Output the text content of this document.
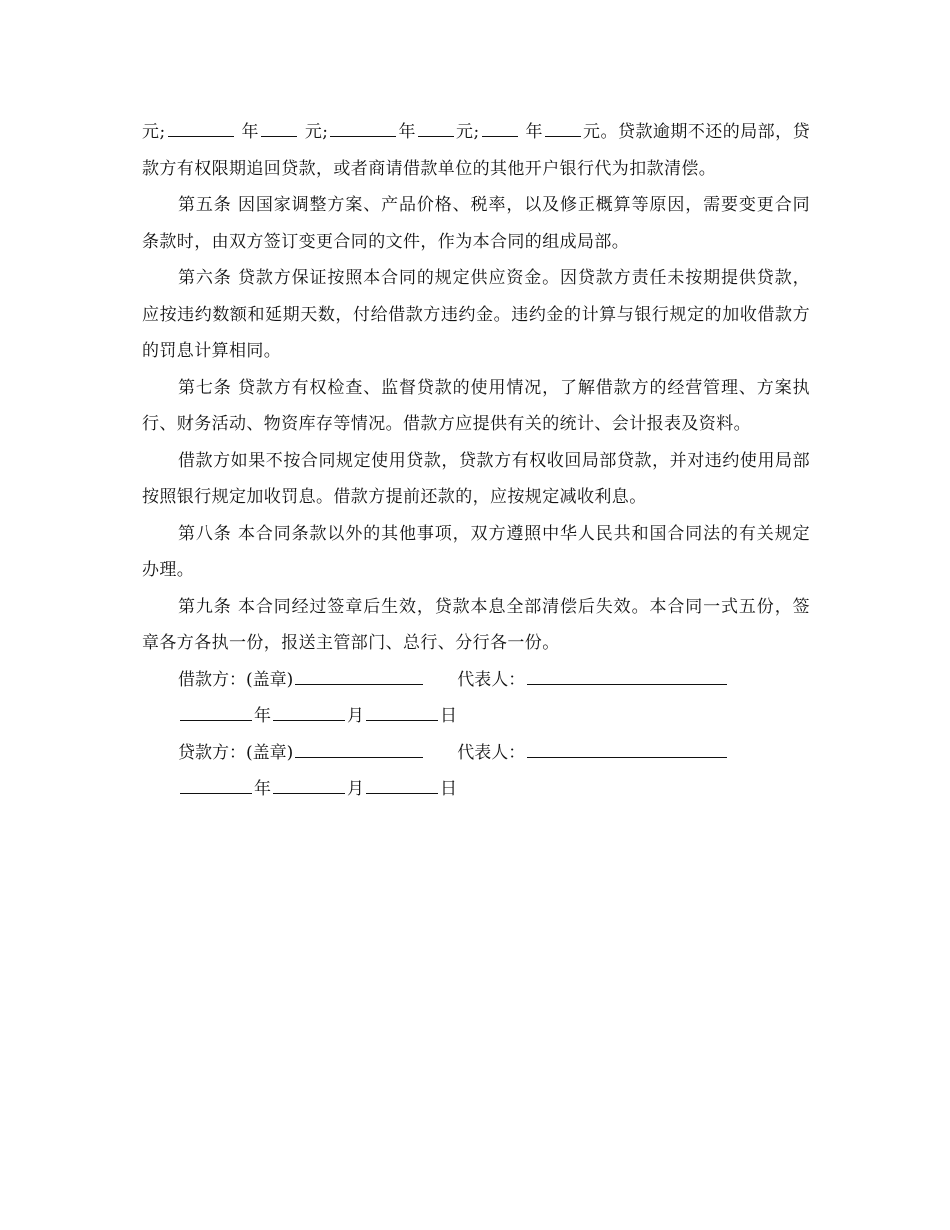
元;	年	元;	年 元;	年 元。贷款逾期不还的局部，贷款方有权限期追回贷款，或者商请借款单位的其他开户银行代为扣款清偿。

第五条 因国家调整方案、产品价格、税率，以及修正概算等原因，需要变更合同条款时，由双方签订变更合同的文件，作为本合同的组成局部。

第六条 贷款方保证按照本合同的规定供应资金。因贷款方责任未按期提供贷款，应按违约数额和延期天数，付给借款方违约金。违约金的计算与银行规定的加收借款方的罚息计算相同。

第七条 贷款方有权检查、监督贷款的使用情况，了解借款方的经营管理、方案执行、财务活动、物资库存等情况。借款方应提供有关的统计、会计报表及资料。

借款方如果不按合同规定使用贷款，贷款方有权收回局部贷款，并对违约使用局部按照银行规定加收罚息。借款方提前还款的，应按规定减收利息。

第八条 本合同条款以外的其他事项，双方遵照中华人民共和国合同法的有关规定办理。

第九条 本合同经过签章后生效，贷款本息全部清偿后失效。本合同一式五份，签章各方各执一份，报送主管部门、总行、分行各一份。

借款方：(盖章)	代表人：

年	月	日

贷款方：(盖章)	代表人：

年	月	日
